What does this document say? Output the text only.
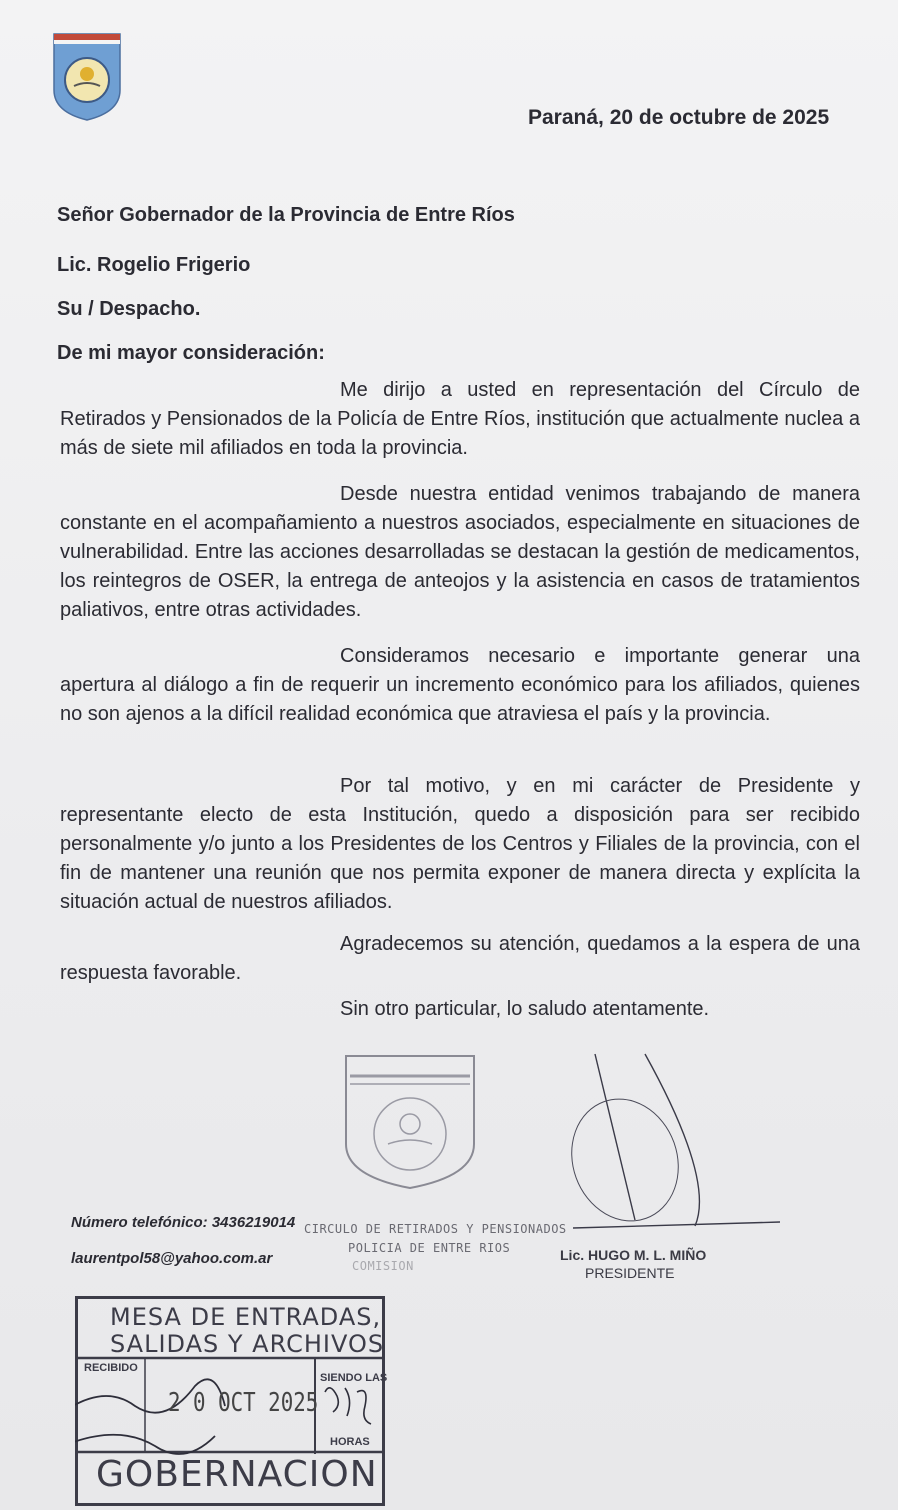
Paraná, 20 de octubre de 2025
Señor Gobernador de la Provincia de Entre Ríos
Lic. Rogelio Frigerio
Su / Despacho.
De mi mayor consideración:

Me dirijo a usted en representación del Círculo de Retirados y Pensionados de la Policía de Entre Ríos, institución que actualmente nuclea a más de siete mil afiliados en toda la provincia.

Desde nuestra entidad venimos trabajando de manera constante en el acompañamiento a nuestros asociados, especialmente en situaciones de vulnerabilidad. Entre las acciones desarrolladas se destacan la gestión de medicamentos, los reintegros de OSER, la entrega de anteojos y la asistencia en casos de tratamientos paliativos, entre otras actividades.

Consideramos necesario e importante generar una apertura al diálogo a fin de requerir un incremento económico para los afiliados, quienes no son ajenos a la difícil realidad económica que atraviesa el país y la provincia.

Por tal motivo, y en mi carácter de Presidente y representante electo de esta Institución, quedo a disposición para ser recibido personalmente y/o junto a los Presidentes de los Centros y Filiales de la provincia, con el fin de mantener una reunión que nos permita exponer de manera directa y explícita la situación actual de nuestros afiliados.

Agradecemos su atención, quedamos a la espera de una respuesta favorable.

Sin otro particular, lo saludo atentamente.
CIRCULO DE RETIRADOS Y PENSIONADOS
POLICIA DE ENTRE RIOS
COMISION
Lic. HUGO M. L. MIÑO
PRESIDENTE
Número telefónico: 3436219014
laurentpol58@yahoo.com.ar
MESA DE ENTRADAS,
SALIDAS Y ARCHIVOS
RECIBIDO
2 0 OCT 2025
SIENDO LAS
HORAS
GOBERNACION
